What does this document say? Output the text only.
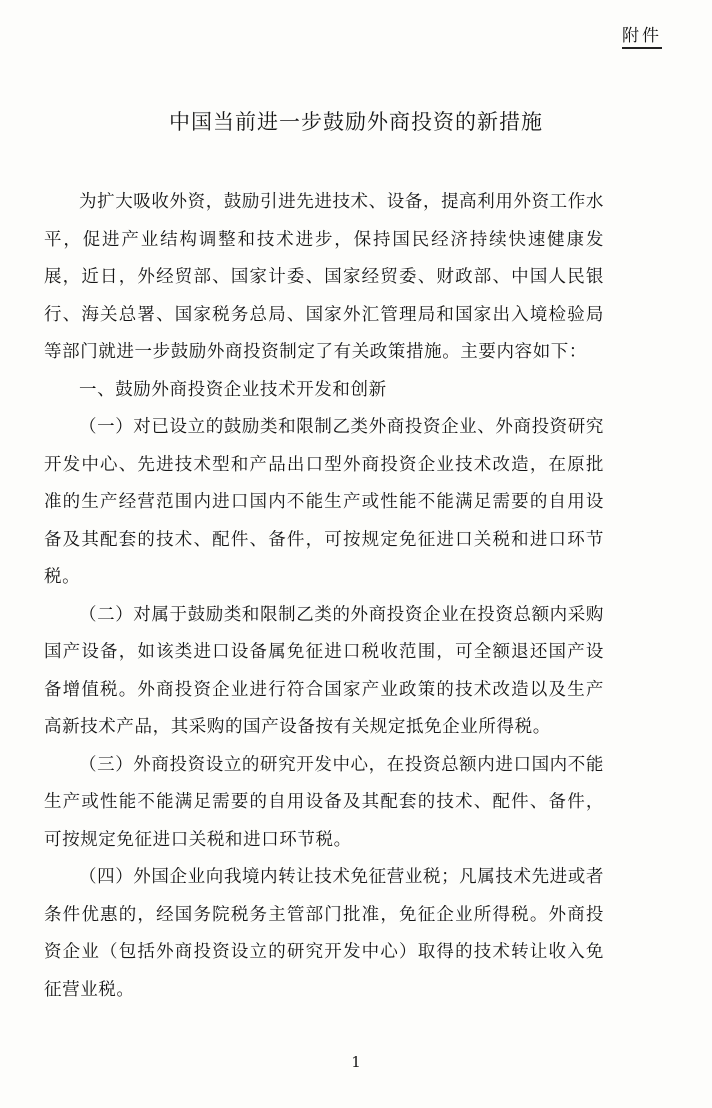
附件
中国当前进一步鼓励外商投资的新措施

为扩大吸收外资，鼓励引进先进技术、设备，提高利用外资工作水平，促进产业结构调整和技术进步，保持国民经济持续快速健康发展，近日，外经贸部、国家计委、国家经贸委、财政部、中国人民银行、海关总署、国家税务总局、国家外汇管理局和国家出入境检验局等部门就进一步鼓励外商投资制定了有关政策措施。主要内容如下：

一、鼓励外商投资企业技术开发和创新

（一）对已设立的鼓励类和限制乙类外商投资企业、外商投资研究开发中心、先进技术型和产品出口型外商投资企业技术改造，在原批准的生产经营范围内进口国内不能生产或性能不能满足需要的自用设备及其配套的技术、配件、备件，可按规定免征进口关税和进口环节税。

（二）对属于鼓励类和限制乙类的外商投资企业在投资总额内采购国产设备，如该类进口设备属免征进口税收范围，可全额退还国产设备增值税。外商投资企业进行符合国家产业政策的技术改造以及生产高新技术产品，其采购的国产设备按有关规定抵免企业所得税。

（三）外商投资设立的研究开发中心，在投资总额内进口国内不能生产或性能不能满足需要的自用设备及其配套的技术、配件、备件，可按规定免征进口关税和进口环节税。

（四）外国企业向我境内转让技术免征营业税；凡属技术先进或者条件优惠的，经国务院税务主管部门批准，免征企业所得税。外商投资企业（包括外商投资设立的研究开发中心）取得的技术转让收入免征营业税。

1
